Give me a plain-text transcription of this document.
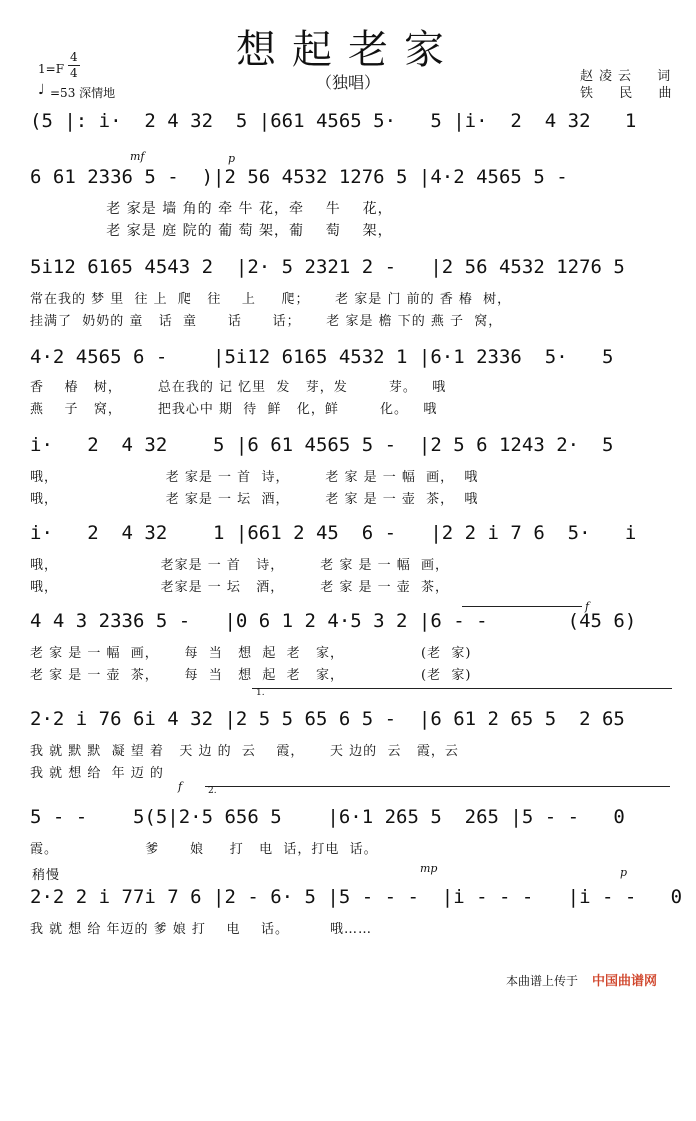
想起老家
（独唱）
1=F
4
4
♩ =53 深情地
赵凌云  词
铁  民  曲

(5 |: i·  2 4 32  5 |661 4565 5·   5 |i·  2  4 32   1

mf

6 61 2336 5 -  )|2 56 4532 1276 5 |4·2 4565 5 -

p

老 家是 墙 角的 牵 牛 花，牵    牛    花，

老 家是 庭 院的 葡 萄 架，葡    萄    架，

5i12 6165 4543 2  |2· 5 2321 2 -   |2 56 4532 1276 5

常在我的 梦 里  往 上  爬   往    上     爬；     老 家是 门 前的 香 椿  树，

挂满了  奶奶的 童   话  童      话      话；     老 家是 檐 下的 燕 子  窝，

4·2 4565 6 -    |5i12 6165 4532 1 |6·1 2336  5·   5

香    椿   树，       总在我的 记 忆里  发   芽，发        芽。   哦

燕    子   窝，       把我心中 期  待  鲜   化，鲜        化。   哦

i·   2  4 32    5 |6 61 4565 5 -  |2 5 6 1243 2·  5

哦，                     老 家是 一 首  诗，       老 家 是 一 幅  画，  哦

哦，                     老 家是 一 坛  酒，       老 家 是 一 壶  茶，  哦

i·   2  4 32    1 |661 2 45  6 -   |2 2 i 7 6  5·   i

哦，                    老家是 一 首   诗，       老 家 是 一 幅  画，

哦，                    老家是 一 坛   酒，       老 家 是 一 壶  茶，

4 4 3 2336 5 -   |0 6 1 2 4·5 3 2 |6 - -       (45 6)

f

老 家 是 一 幅  画，     每  当   想  起  老   家，               (老  家)

老 家 是 一 壶  茶，     每  当   想  起  老   家，               (老  家)

1.

2·2 i 76 6i 4 32 |2 5 5 65 6 5 -  |6 61 2 65 5  2 65

我 就 默 默  凝 望 着   天 边 的  云    霞，     天 边的  云   霞，云

我 就 想 给  年 迈 的

2.

f

5 - -    5(5|2·5 656 5    |6·1 265 5  265 |5 - -   0

霞。                 爹      娘     打   电  话，打电  话。

稍慢

	mp

	p

2·2 2 i 77i 7 6 |2 - 6· 5 |5 - - -  |i - - -   |i - -   0

我 就 想 给 年迈的 爹 娘 打    电    话。        哦……

本曲谱上传于 中国曲谱网
